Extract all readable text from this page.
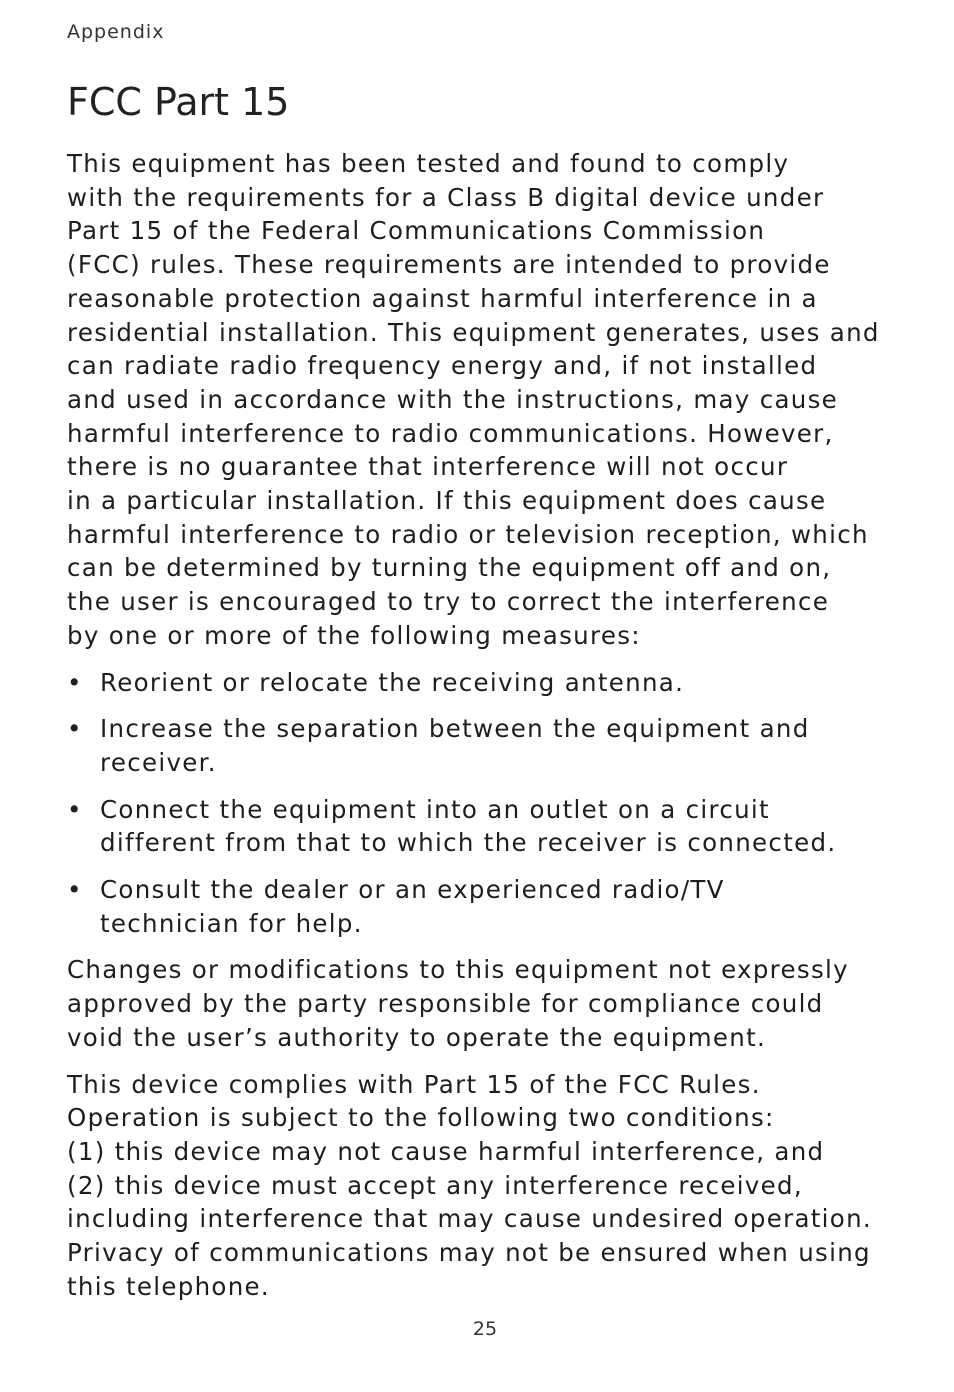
Appendix
FCC Part 15

This equipment has been tested and found to comply
with the requirements for a Class B digital device under
Part 15 of the Federal Communications Commission
(FCC) rules. These requirements are intended to provide
reasonable protection against harmful interference in a
residential installation. This equipment generates, uses and
can radiate radio frequency energy and, if not installed
and used in accordance with the instructions, may cause
harmful interference to radio communications. However,
there is no guarantee that interference will not occur
in a particular installation. If this equipment does cause
harmful interference to radio or television reception, which
can be determined by turning the equipment off and on,
the user is encouraged to try to correct the interference
by one or more of the following measures:

• Reorient or relocate the receiving antenna.
• Increase the separation between the equipment and
receiver.
• Connect the equipment into an outlet on a circuit
different from that to which the receiver is connected.
• Consult the dealer or an experienced radio/TV
technician for help.

Changes or modifications to this equipment not expressly
approved by the party responsible for compliance could
void the user’s authority to operate the equipment.

This device complies with Part 15 of the FCC Rules.
Operation is subject to the following two conditions:
(1) this device may not cause harmful interference, and
(2) this device must accept any interference received,
including interference that may cause undesired operation.
Privacy of communications may not be ensured when using
this telephone.

25
